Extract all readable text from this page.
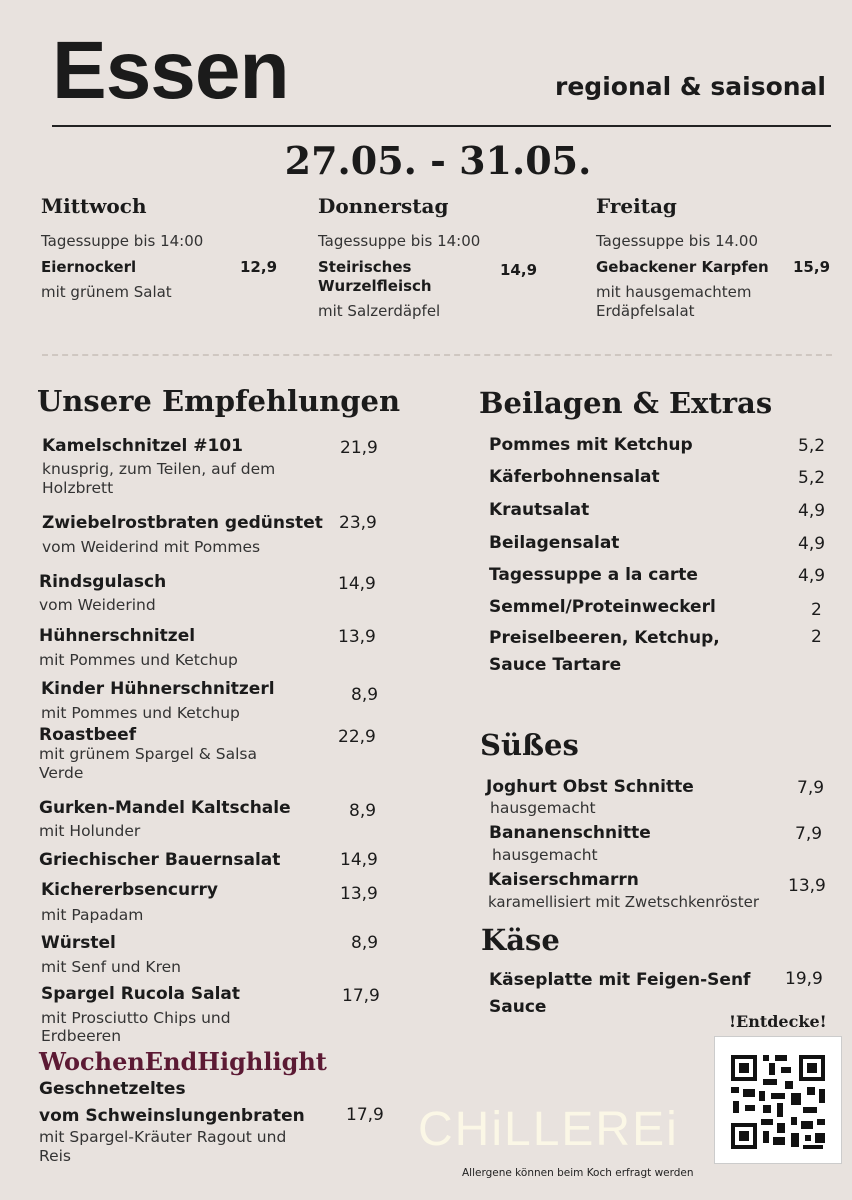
Essen	regional & saisonal
27.05. - 31.05.
Mittwoch
Tagessuppe bis 14:00
Eiernockerl	12,9
mit grünem Salat
Donnerstag
Tagessuppe bis 14:00
Steirisches
Wurzelfleisch
14,9
mit Salzerdäpfel
Freitag
Tagessuppe bis 14.00
Gebackener Karpfen	15,9
mit hausgemachtem
Erdäpfelsalat
Unsere Empfehlungen
Kamelschnitzel #101	21,9
knusprig, zum Teilen, auf dem
Holzbrett
Zwiebelrostbraten gedünstet 23,9
vom Weiderind mit Pommes
Rindsgulasch	14,9
vom Weiderind
Hühnerschnitzel	13,9
mit Pommes und Ketchup
Kinder Hühnerschnitzerl	8,9
mit Pommes und Ketchup
Roastbeef	22,9
mit grünem Spargel & Salsa
Verde
Gurken-Mandel Kaltschale	8,9
mit Holunder
Griechischer Bauernsalat	14,9
Kichererbsencurry	13,9
mit Papadam
Würstel	8,9
mit Senf und Kren
Spargel Rucola Salat	17,9
mit Prosciutto Chips und
Erdbeeren
WochenEndHighlight
Geschnetzeltes
vom Schweinslungenbraten 17,9
mit Spargel-Kräuter Ragout und
Reis
Beilagen & Extras
Pommes mit Ketchup	5,2
Käferbohnensalat	5,2
Krautsalat	4,9
Beilagensalat	4,9
Tagessuppe a la carte	4,9
Semmel/Proteinweckerl	2
Preiselbeeren, Ketchup,
Sauce Tartare
2
Süßes
Joghurt Obst Schnitte	7,9
hausgemacht
Bananenschnitte	7,9
hausgemacht
Kaiserschmarrn	13,9
karamellisiert mit Zwetschkenröster
Käse
Käseplatte mit Feigen-Senf
Sauce
19,9
!Entdecke!
CHiLLEREi
Allergene können beim Koch erfragt werden
